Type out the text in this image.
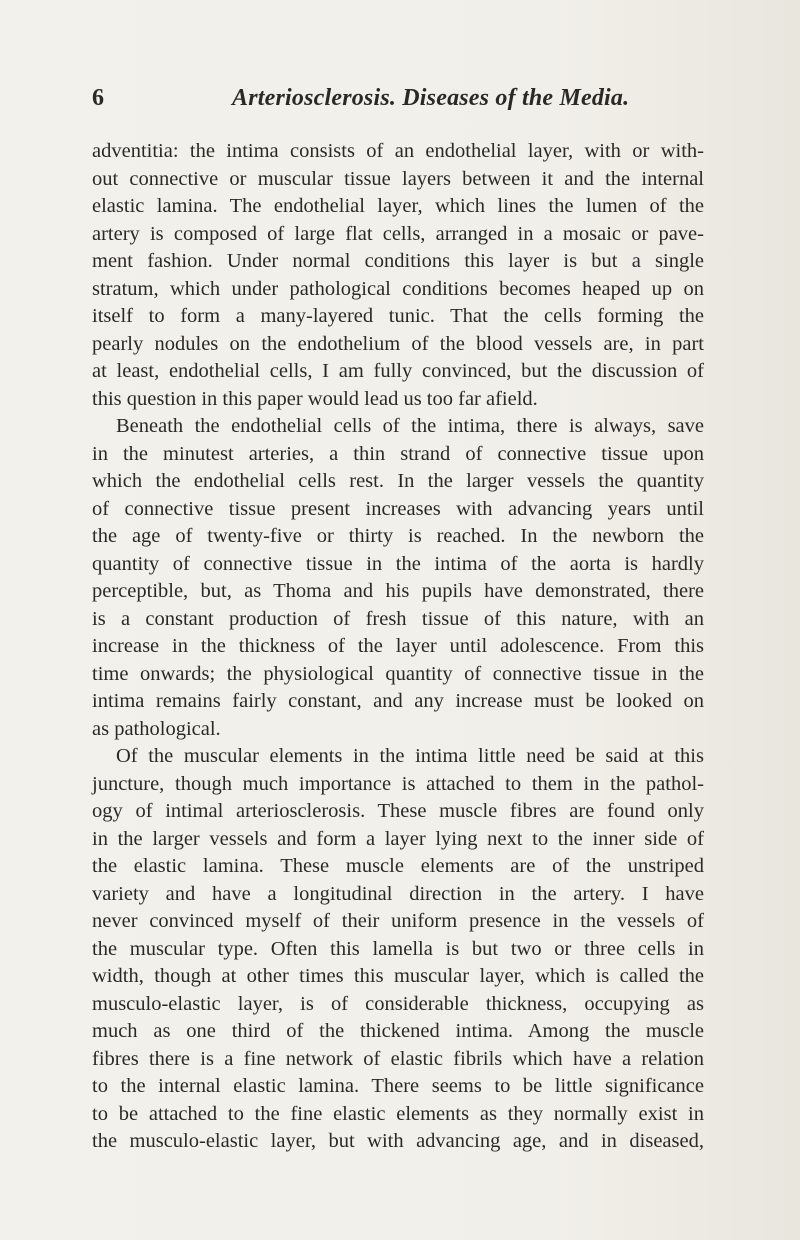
6	Arteriosclerosis. Diseases of the Media.
adventitia: the intima consists of an endothelial layer, with or with-
out connective or muscular tissue layers between it and the internal
elastic lamina. The endothelial layer, which lines the lumen of the
artery is composed of large flat cells, arranged in a mosaic or pave-
ment fashion. Under normal conditions this layer is but a single
stratum, which under pathological conditions becomes heaped up on
itself to form a many-layered tunic. That the cells forming the
pearly nodules on the endothelium of the blood vessels are, in part
at least, endothelial cells, I am fully convinced, but the discussion of
this question in this paper would lead us too far afield.
Beneath the endothelial cells of the intima, there is always, save
in the minutest arteries, a thin strand of connective tissue upon
which the endothelial cells rest. In the larger vessels the quantity
of connective tissue present increases with advancing years until
the age of twenty-five or thirty is reached. In the newborn the
quantity of connective tissue in the intima of the aorta is hardly
perceptible, but, as Thoma and his pupils have demonstrated, there
is a constant production of fresh tissue of this nature, with an
increase in the thickness of the layer until adolescence. From this
time onwards; the physiological quantity of connective tissue in the
intima remains fairly constant, and any increase must be looked on
as pathological.
Of the muscular elements in the intima little need be said at this
juncture, though much importance is attached to them in the pathol-
ogy of intimal arteriosclerosis. These muscle fibres are found only
in the larger vessels and form a layer lying next to the inner side of
the elastic lamina. These muscle elements are of the unstriped
variety and have a longitudinal direction in the artery. I have
never convinced myself of their uniform presence in the vessels of
the muscular type. Often this lamella is but two or three cells in
width, though at other times this muscular layer, which is called the
musculo-elastic layer, is of considerable thickness, occupying as
much as one third of the thickened intima. Among the muscle
fibres there is a fine network of elastic fibrils which have a relation
to the internal elastic lamina. There seems to be little significance
to be attached to the fine elastic elements as they normally exist in
the musculo-elastic layer, but with advancing age, and in diseased,
